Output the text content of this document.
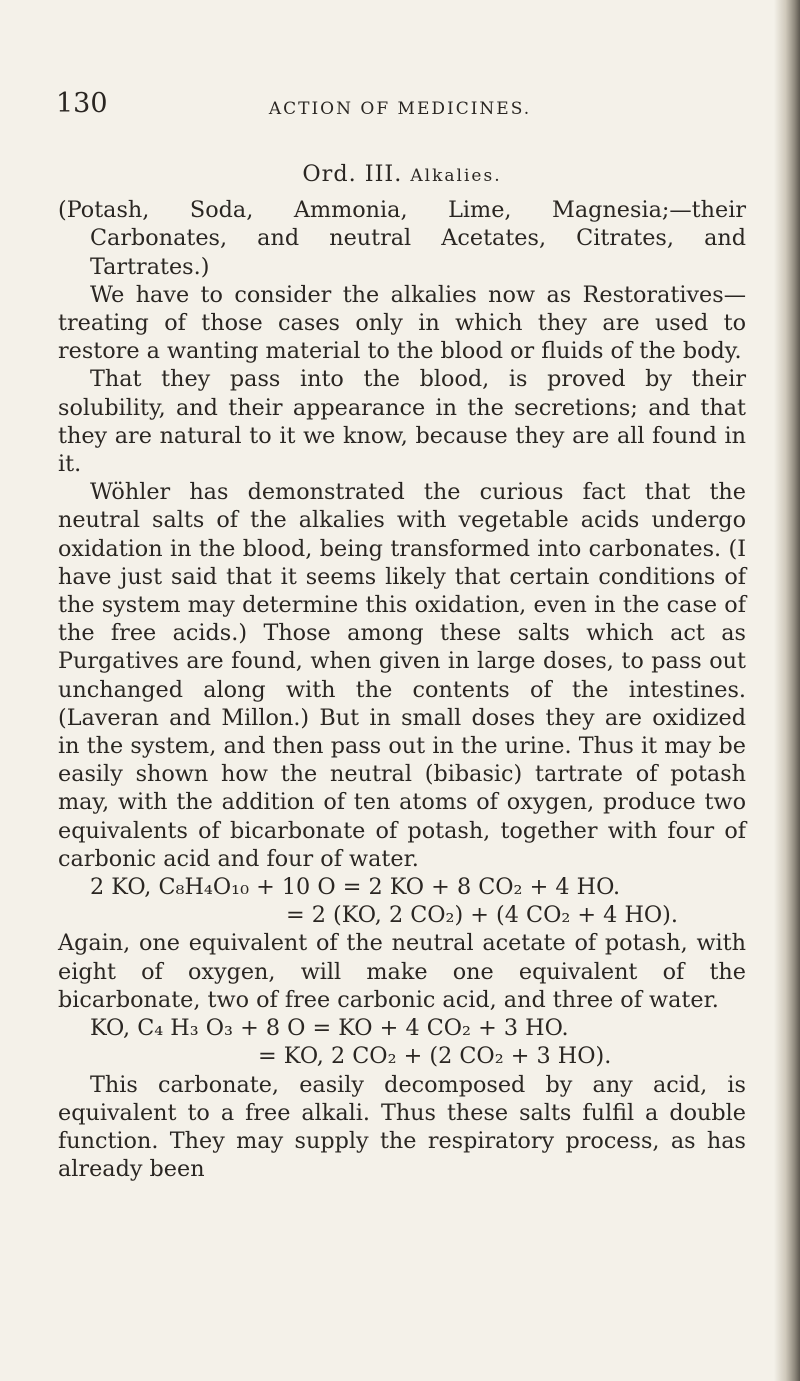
130	ACTION OF MEDICINES.

Ord. III. Alkalies.

(Potash, Soda, Ammonia, Lime, Magnesia;—their Carbonates, and neutral Acetates, Citrates, and Tartrates.)

We have to consider the alkalies now as Restoratives—treating of those cases only in which they are used to restore a wanting material to the blood or fluids of the body.

That they pass into the blood, is proved by their solubility, and their appearance in the secretions; and that they are natural to it we know, because they are all found in it.

Wöhler has demonstrated the curious fact that the neutral salts of the alkalies with vegetable acids undergo oxidation in the blood, being transformed into carbonates. (I have just said that it seems likely that certain conditions of the system may determine this oxidation, even in the case of the free acids.) Those among these salts which act as Purgatives are found, when given in large doses, to pass out unchanged along with the contents of the intestines. (Laveran and Millon.) But in small doses they are oxidized in the system, and then pass out in the urine. Thus it may be easily shown how the neutral (bibasic) tartrate of potash may, with the addition of ten atoms of oxygen, produce two equivalents of bicarbonate of potash, together with four of carbonic acid and four of water.

2 KO, C₈H₄O₁₀ + 10 O = 2 KO + 8 CO₂ + 4 HO.

= 2 (KO, 2 CO₂) + (4 CO₂ + 4 HO).

Again, one equivalent of the neutral acetate of potash, with eight of oxygen, will make one equivalent of the bicarbonate, two of free carbonic acid, and three of water.

KO, C₄ H₃ O₃ + 8 O = KO + 4 CO₂ + 3 HO.

= KO, 2 CO₂ + (2 CO₂ + 3 HO).

This carbonate, easily decomposed by any acid, is equivalent to a free alkali. Thus these salts fulfil a double function. They may supply the respiratory process, as has already been
